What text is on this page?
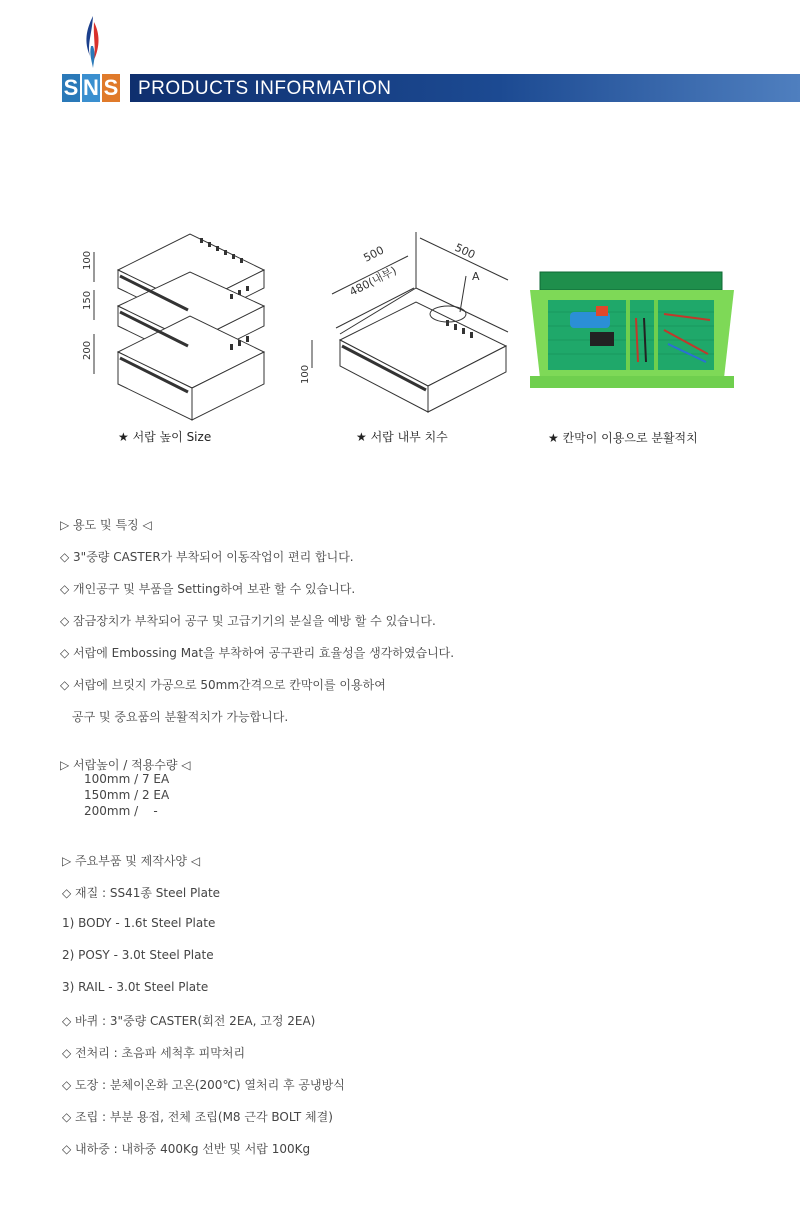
S N S PRODUCTS INFORMATION
100
150
200
★ 서랍 높이 Size
500	500
480(내부)
100
A
★ 서랍 내부 치수	★ 칸막이 이용으로 분활적치
▷ 용도 및 특징 ◁
◇ 3"중량 CASTER가 부착되어 이동작업이 편리 합니다.
◇ 개인공구 및 부품을 Setting하여 보관 할 수 있습니다.
◇ 잠금장치가 부착되어 공구 및 고급기기의 분실을 예방 할 수 있습니다.
◇ 서랍에 Embossing Mat을 부착하여 공구관리 효율성을 생각하였습니다.
◇ 서랍에 브릿지 가공으로 50mm간격으로 칸막이를 이용하여
공구 및 중요품의 분활적치가 가능합니다.
▷ 서랍높이 / 적용수량 ◁
100mm / 7 EA
150mm / 2 EA
200mm /    -
▷ 주요부품 및 제작사양 ◁
◇ 재질 : SS41종 Steel Plate
1) BODY - 1.6t Steel Plate
2) POSY - 3.0t Steel Plate
3) RAIL - 3.0t Steel Plate
◇ 바퀴 : 3"중량 CASTER(회전 2EA, 고정 2EA)
◇ 전처리 : 초음파 세척후 피막처리
◇ 도장 : 분체이온화 고온(200℃) 열처리 후 공냉방식
◇ 조립 : 부분 용접, 전체 조립(M8 근각 BOLT 체결)
◇ 내하중 : 내하중 400Kg 선반 및 서랍 100Kg
